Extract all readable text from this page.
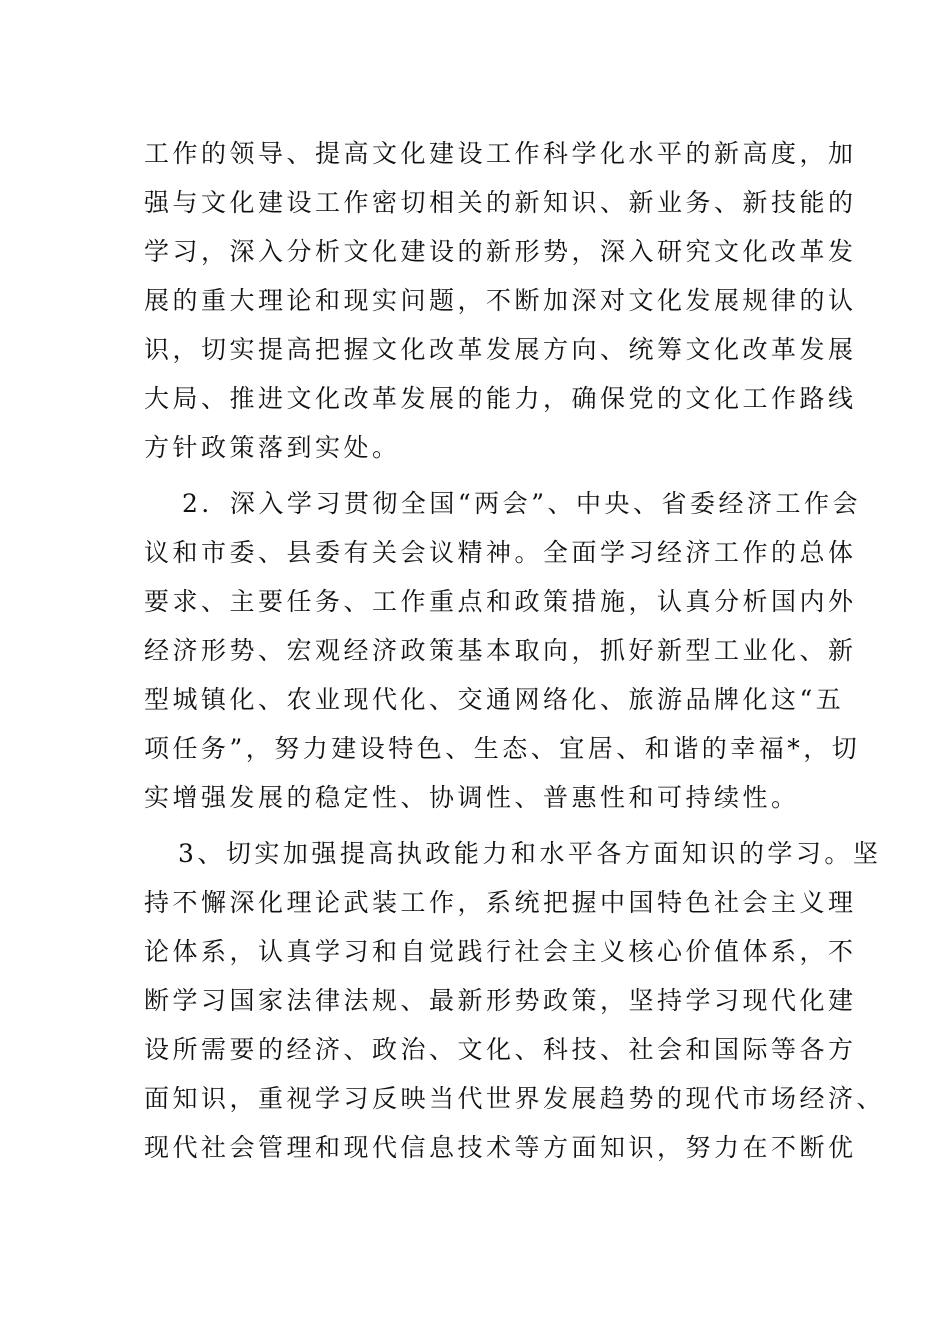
工作的领导、提高文化建设工作科学化水平的新高度，加
强与文化建设工作密切相关的新知识、新业务、新技能的
学习，深入分析文化建设的新形势，深入研究文化改革发
展的重大理论和现实问题，不断加深对文化发展规律的认
识，切实提高把握文化改革发展方向、统筹文化改革发展
大局、推进文化改革发展的能力，确保党的文化工作路线
方针政策落到实处。
2．深入学习贯彻全国“两会”、中央、省委经济工作会
议和市委、县委有关会议精神。全面学习经济工作的总体
要求、主要任务、工作重点和政策措施，认真分析国内外
经济形势、宏观经济政策基本取向，抓好新型工业化、新
型城镇化、农业现代化、交通网络化、旅游品牌化这“五
项任务”，努力建设特色、生态、宜居、和谐的幸福*，切
实增强发展的稳定性、协调性、普惠性和可持续性。
3、切实加强提高执政能力和水平各方面知识的学习。坚
持不懈深化理论武装工作，系统把握中国特色社会主义理
论体系，认真学习和自觉践行社会主义核心价值体系，不
断学习国家法律法规、最新形势政策，坚持学习现代化建
设所需要的经济、政治、文化、科技、社会和国际等各方
面知识，重视学习反映当代世界发展趋势的现代市场经济、
现代社会管理和现代信息技术等方面知识，努力在不断优
